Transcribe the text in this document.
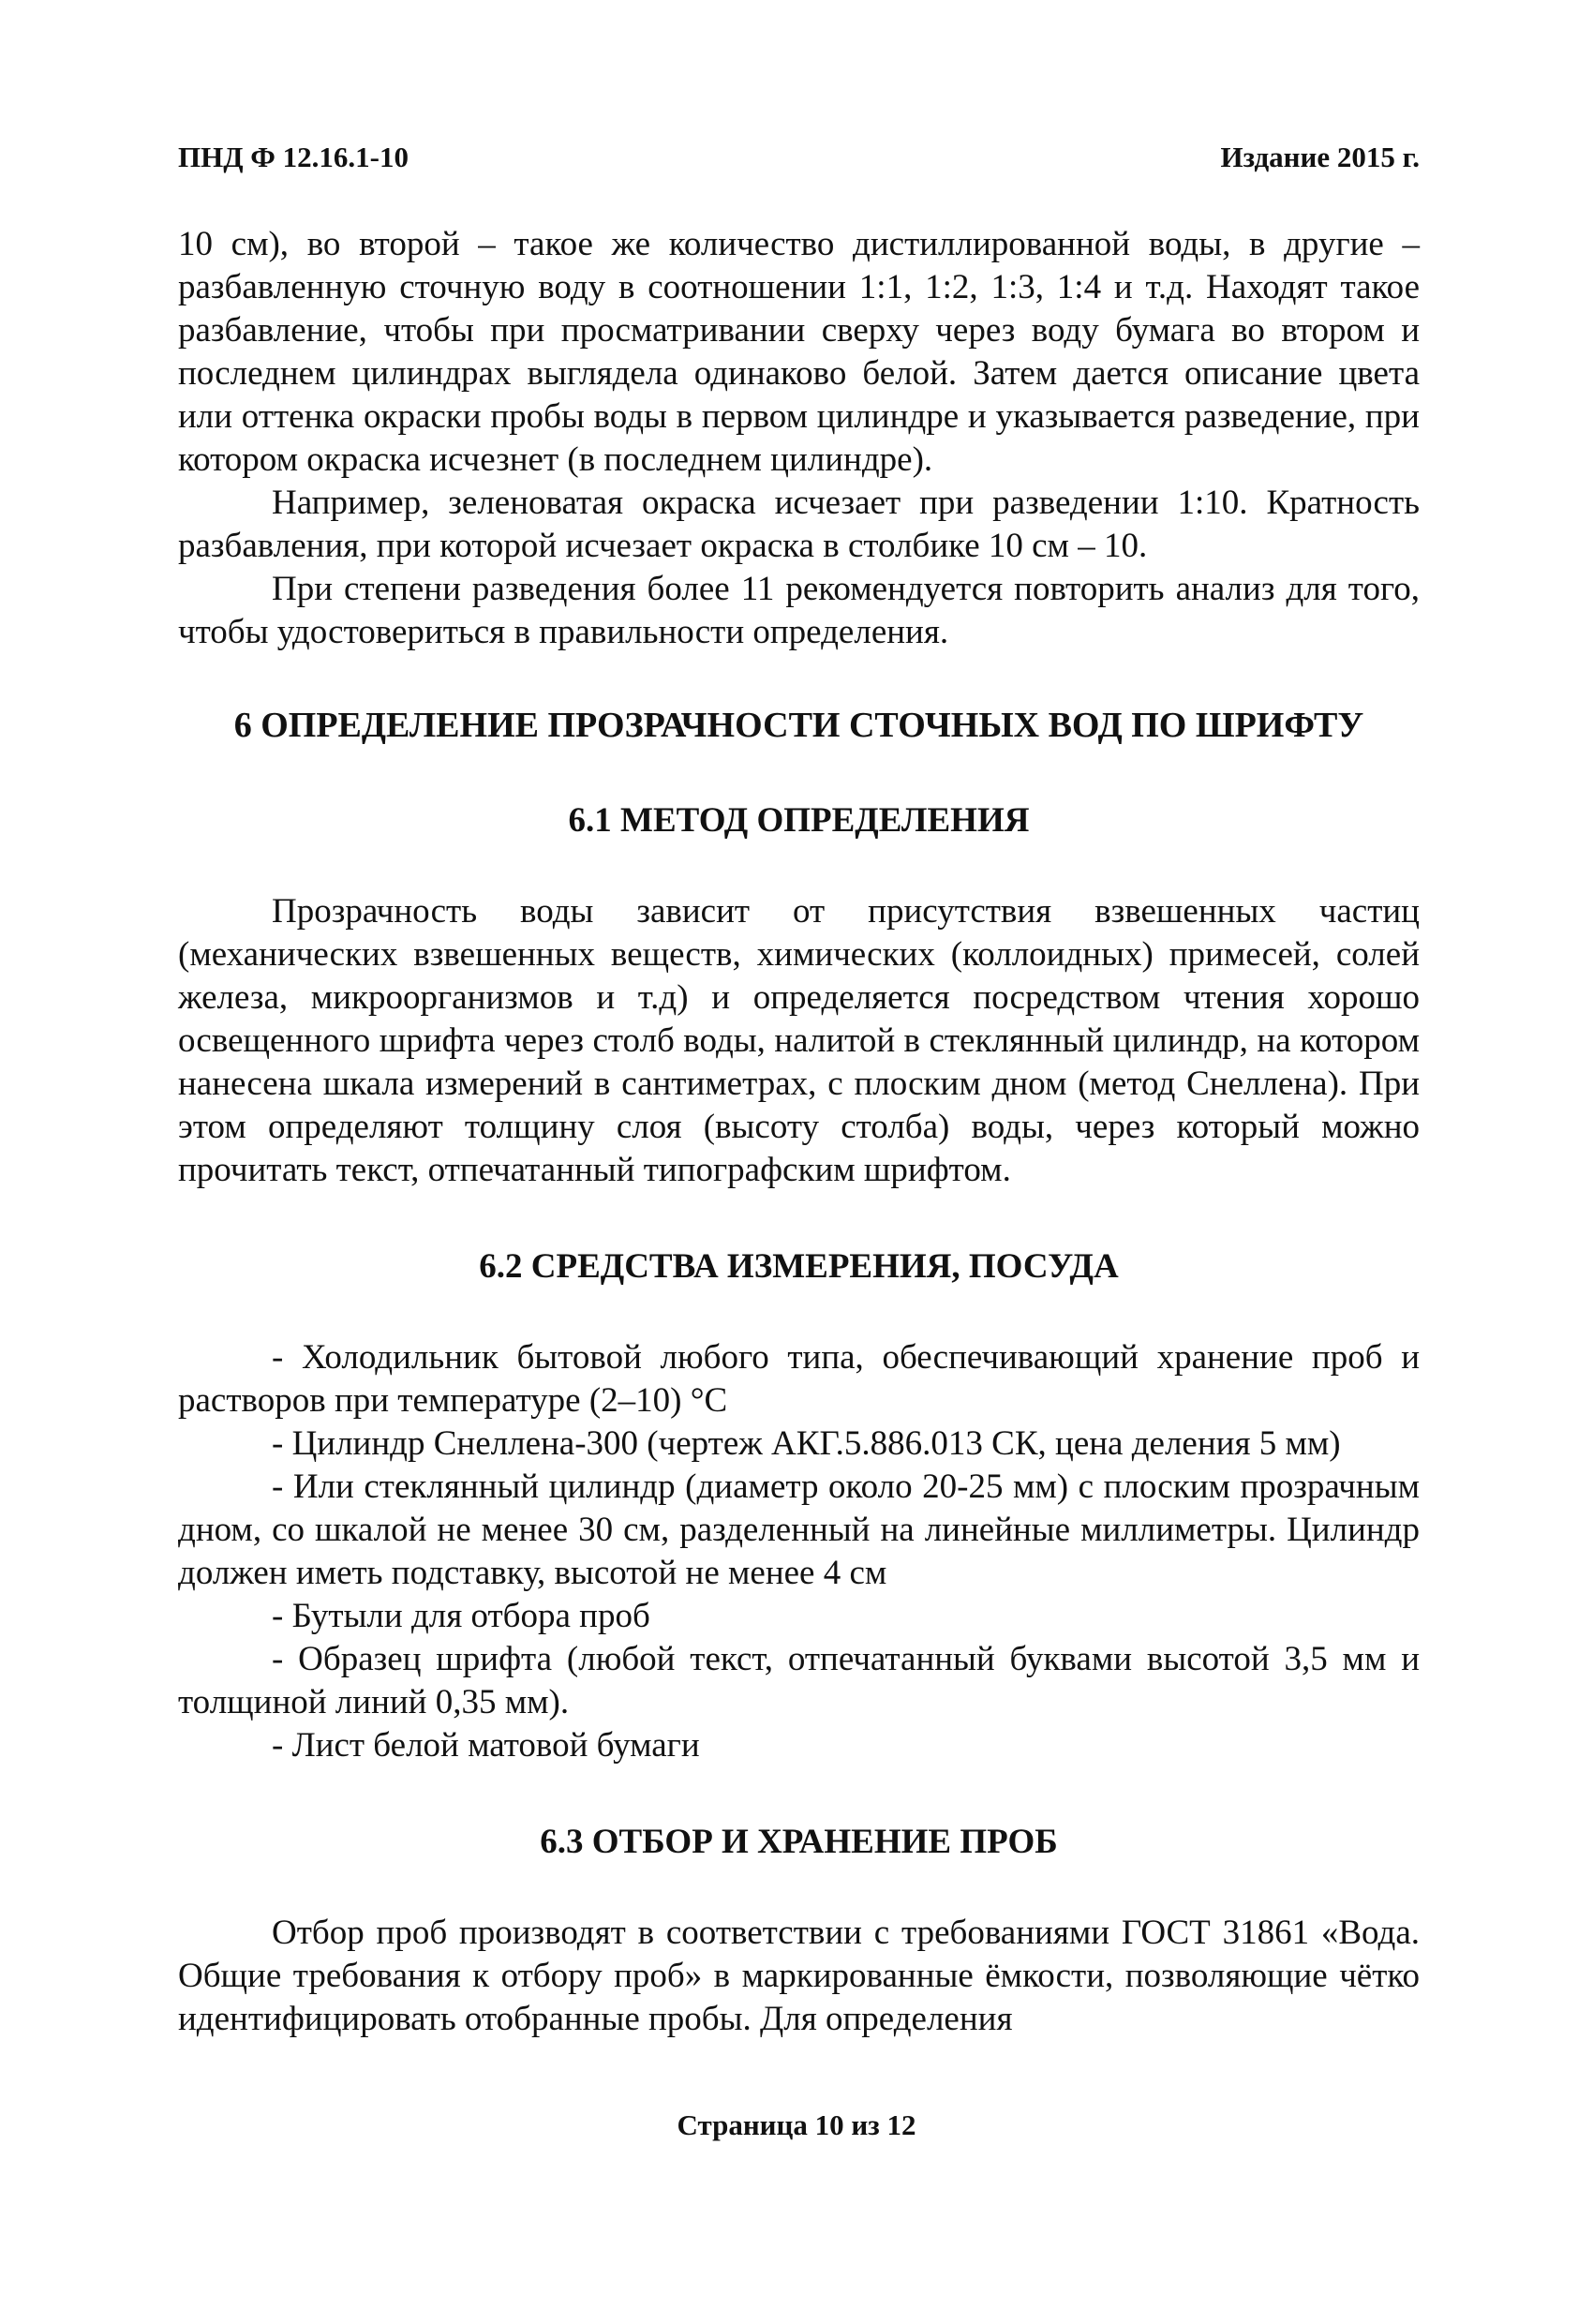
ПНД Ф 12.16.1-10	Издание 2015 г.

10 см), во второй – такое же количество дистиллированной воды, в другие – разбавленную сточную воду в соотношении 1:1, 1:2, 1:3, 1:4 и т.д. Находят такое разбавление, чтобы при просматривании сверху через воду бумага во втором и последнем цилиндрах выглядела одинаково белой. Затем дается описание цвета или оттенка окраски пробы воды в первом цилиндре и указывается разведение, при котором окраска исчезнет (в последнем цилиндре).

Например, зеленоватая окраска исчезает при разведении 1:10. Кратность разбавления, при которой исчезает окраска в столбике 10 см – 10.

При степени разведения более 11 рекомендуется повторить анализ для того, чтобы удостовериться в правильности определения.

6 ОПРЕДЕЛЕНИЕ ПРОЗРАЧНОСТИ СТОЧНЫХ ВОД ПО ШРИФТУ
6.1 МЕТОД ОПРЕДЕЛЕНИЯ

Прозрачность воды зависит от присутствия взвешенных частиц (механических взвешенных веществ, химических (коллоидных) примесей, солей железа, микроорганизмов и т.д) и определяется посредством чтения хорошо освещенного шрифта через столб воды, налитой в стеклянный цилиндр, на котором нанесена шкала измерений в сантиметрах, с плоским дном (метод Снеллена). При этом определяют толщину слоя (высоту столба) воды, через который можно прочитать текст, отпечатанный типографским шрифтом.

6.2 СРЕДСТВА ИЗМЕРЕНИЯ, ПОСУДА

- Холодильник бытовой любого типа, обеспечивающий хранение проб и растворов при температуре (2–10) °С

- Цилиндр Снеллена-300 (чертеж АКГ.5.886.013 СК, цена деления 5 мм)

- Или стеклянный цилиндр (диаметр около 20-25 мм) с плоским прозрачным дном, со шкалой не менее 30 см, разделенный на линейные миллиметры. Цилиндр должен иметь подставку, высотой не менее 4 см

- Бутыли для отбора проб

- Образец шрифта (любой текст, отпечатанный буквами высотой 3,5 мм и толщиной линий 0,35 мм).

- Лист белой матовой бумаги

6.3 ОТБОР И ХРАНЕНИЕ ПРОБ

Отбор проб производят в соответствии с требованиями ГОСТ 31861 «Вода. Общие требования к отбору проб» в маркированные ёмкости, позволяющие чётко идентифицировать отобранные пробы. Для определения

Страница 10 из 12
